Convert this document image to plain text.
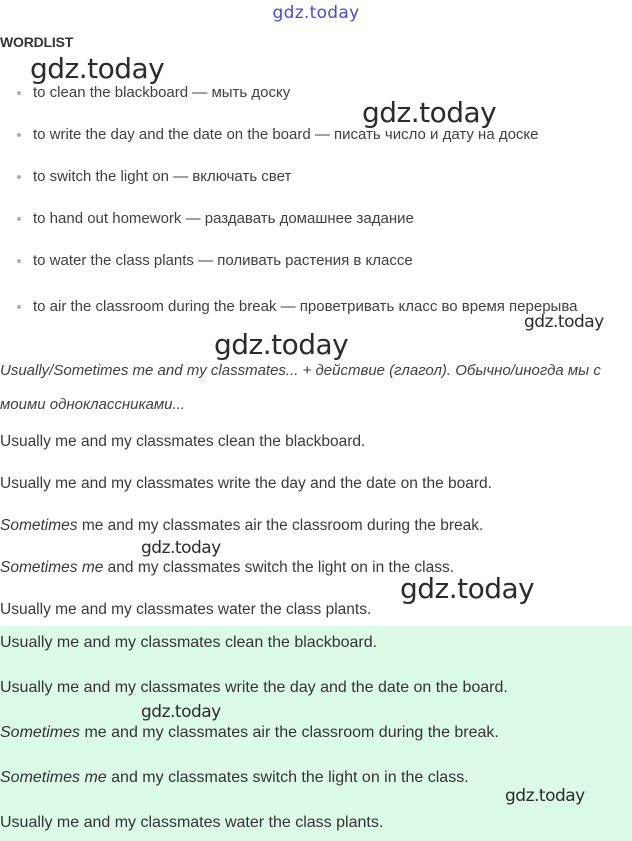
gdz.today
WORDLIST
to clean the blackboard — мыть доску
to write the day and the date on the board — писать число и дату на доске
to switch the light on — включать свет
to hand out homework — раздавать домашнее задание
to water the class plants — поливать растения в классе
to air the classroom during the break — проветривать класс во время перерыва
Usually/Sometimes me and my classmates... + действие (глагол). Обычно/иногда мы с моими одноклассниками...
Usually me and my classmates clean the blackboard.
Usually me and my classmates write the day and the date on the board.
Sometimes me and my classmates air the classroom during the break.
Sometimes me and my classmates switch the light on in the class.
Usually me and my classmates water the class plants.
Usually me and my classmates clean the blackboard.
Usually me and my classmates write the day and the date on the board.
Sometimes me and my classmates air the classroom during the break.
Sometimes me and my classmates switch the light on in the class.
Usually me and my classmates water the class plants.
gdz.today
gdz.today
gdz.today
gdz.today
gdz.today
gdz.today
gdz.today
gdz.today
